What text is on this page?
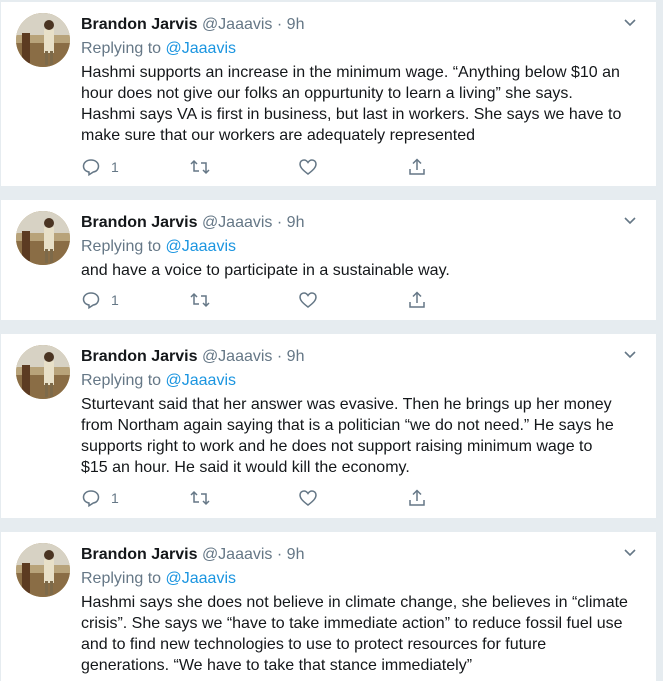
Brandon Jarvis @Jaaavis · 9h
Replying to @Jaaavis
Hashmi supports an increase in the minimum wage. “Anything below $10 an
hour does not give our folks an oppurtunity to learn a living” she says.
Hashmi says VA is first in business, but last in workers. She says we have to
make sure that our workers are adequately represented
1
Brandon Jarvis @Jaaavis · 9h
Replying to @Jaaavis
and have a voice to participate in a sustainable way.
1
Brandon Jarvis @Jaaavis · 9h
Replying to @Jaaavis
Sturtevant said that her answer was evasive. Then he brings up her money
from Northam again saying that is a politician “we do not need.” He says he
supports right to work and he does not support raising minimum wage to
$15 an hour. He said it would kill the economy.
1
Brandon Jarvis @Jaaavis · 9h
Replying to @Jaaavis
Hashmi says she does not believe in climate change, she believes in “climate
crisis”. She says we “have to take immediate action” to reduce fossil fuel use
and to find new technologies to use to protect resources for future
generations. “We have to take that stance immediately”
